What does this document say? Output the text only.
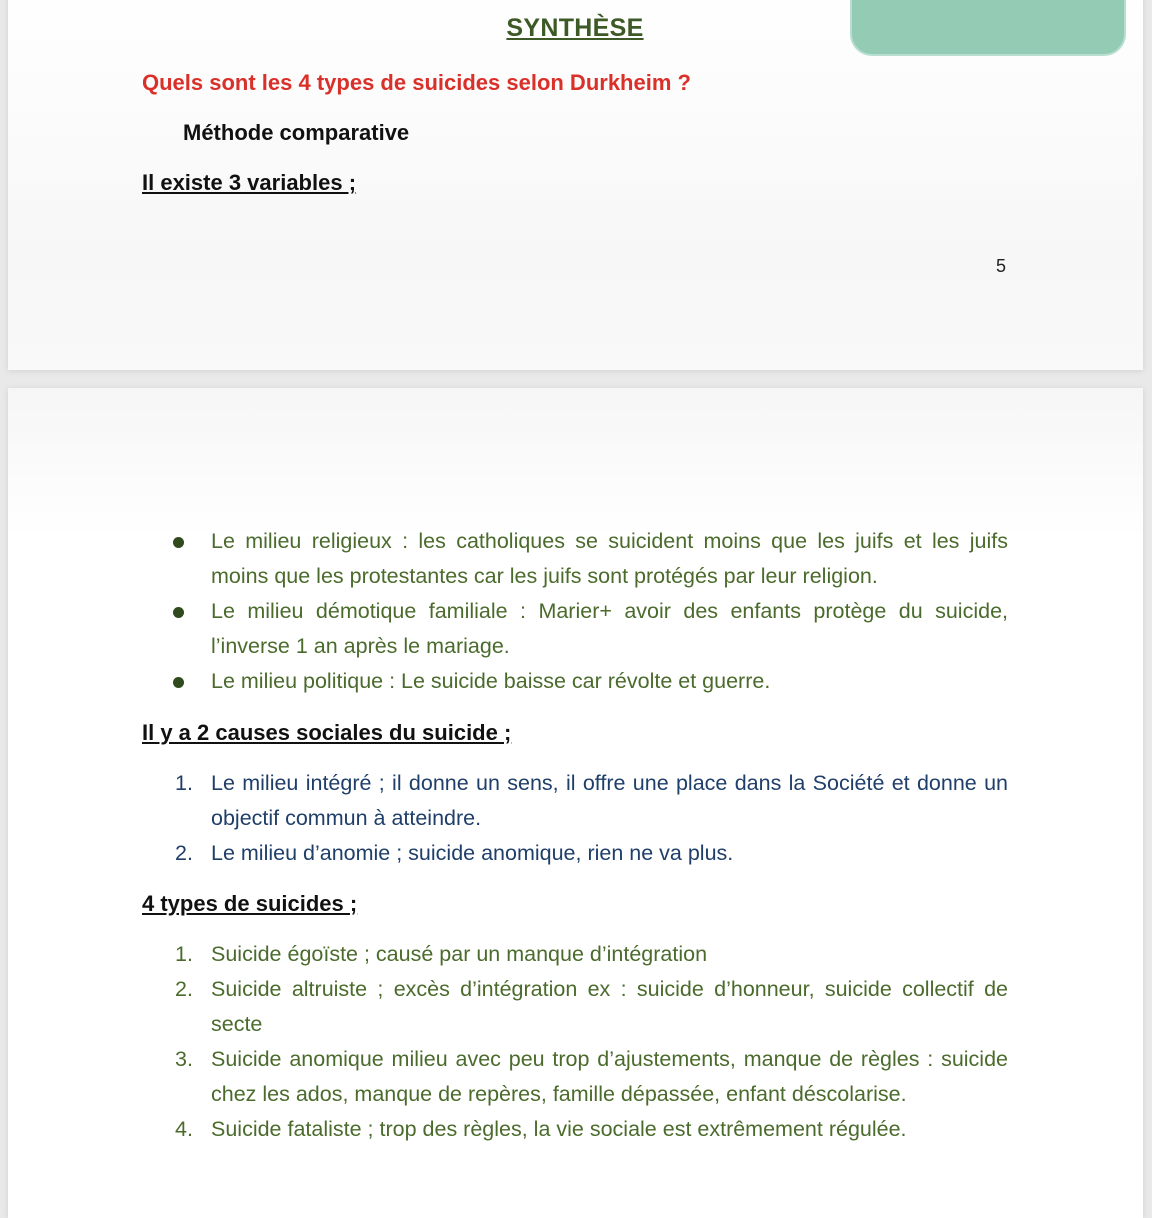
SYNTHÈSE
Quels sont les 4 types de suicides selon Durkheim ?
Méthode comparative
Il existe 3 variables ;
5
Le milieu religieux : les catholiques se suicident moins que les juifs et les juifs moins que les protestantes car les juifs sont protégés par leur religion.
Le milieu démotique familiale : Marier+ avoir des enfants protège du suicide, l’inverse 1 an après le mariage.
Le milieu politique : Le suicide baisse car révolte et guerre.
Il y a 2 causes sociales du suicide ;
1. Le milieu intégré ; il donne un sens, il offre une place dans la Société et donne un objectif commun à atteindre.
2. Le milieu d’anomie ; suicide anomique, rien ne va plus.
4 types de suicides ;
1. Suicide égoïste ; causé par un manque d’intégration
2. Suicide altruiste ; excès d’intégration ex : suicide d’honneur, suicide collectif de secte
3. Suicide anomique milieu avec peu trop d’ajustements, manque de règles : suicide chez les ados, manque de repères, famille dépassée, enfant déscolarise.
4. Suicide fataliste ; trop des règles, la vie sociale est extrêmement régulée.
